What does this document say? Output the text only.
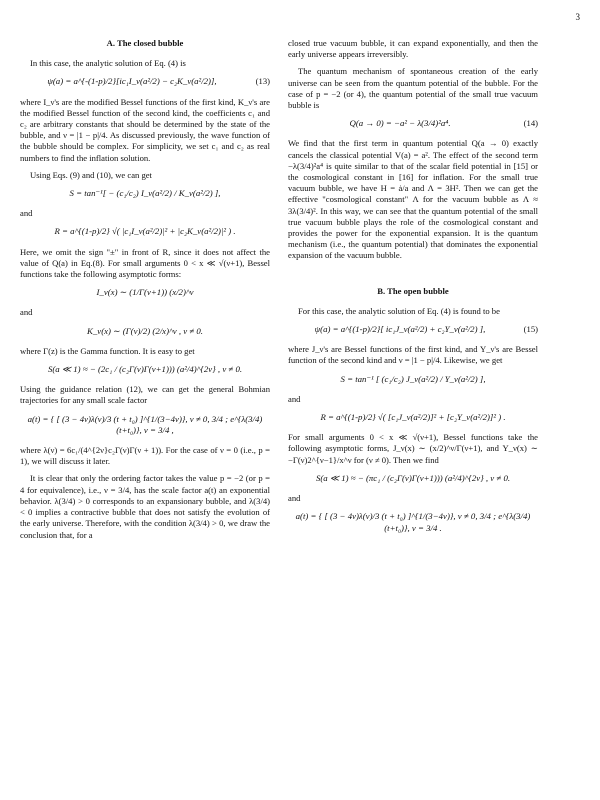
3
A. The closed bubble

In this case, the analytic solution of Eq. (4) is

ψ(a) = a^{-(1-p)/2}[ic₁I_ν(a²/2) − c₂K_ν(a²/2)],	(13)

where I_ν's are the modified Bessel functions of the first kind, K_ν's are the modified Bessel function of the second kind, the coefficients c₁ and c₂ are arbitrary constants that should be determined by the state of the bubble, and ν = |1 − p|/4. As discussed previously, the wave function of the bubble should be complex. For simplicity, we set c₁ and c₂ as real numbers to find the inflation solution.

Using Eqs. (9) and (10), we can get

S = tan⁻¹[ − (c₁/c₂) I_ν(a²/2) / K_ν(a²/2) ],

and

R = a^{(1-p)/2} √( |c₁I_ν(a²/2)|² + |c₂K_ν(a²/2)|² ) .

Here, we omit the sign "±" in front of R, since it does not affect the value of Q(a) in Eq.(8). For small arguments 0 < x ≪ √(ν+1), Bessel functions take the following asymptotic forms:

I_ν(x) ∼ (1/Γ(ν+1)) (x/2)^ν

and

K_ν(x) ∼ (Γ(ν)/2) (2/x)^ν , ν ≠ 0.

where Γ(z) is the Gamma function. It is easy to get

S(a ≪ 1) ≈ − (2c₁ / (c₂Γ(ν)Γ(ν+1))) (a²/4)^{2ν} , ν ≠ 0.

Using the guidance relation (12), we can get the general Bohmian trajectories for any small scale factor

a(t) = { [ (3 − 4ν)λ(ν)/3 (t + t₀) ]^{1/(3−4ν)}, ν ≠ 0, 3/4 ; e^{λ(3/4)(t+t₀)}, ν = 3/4 ,

where λ(ν) = 6c₁/(4^{2ν}c₂Γ(ν)Γ(ν + 1)). For the case of ν = 0 (i.e., p = 1), we will discuss it later.

It is clear that only the ordering factor takes the value p = −2 (or p = 4 for equivalence), i.e., ν = 3/4, has the scale factor a(t) an exponential behavior. λ(3/4) > 0 corresponds to an expansionary bubble, and λ(3/4) < 0 implies a contractive bubble that does not satisfy the evolution of the early universe. Therefore, with the condition λ(3/4) > 0, we draw the conclusion that, for a

closed true vacuum bubble, it can expand exponentially, and then the early universe appears irreversibly.

The quantum mechanism of spontaneous creation of the early universe can be seen from the quantum potential of the bubble. For the case of p = −2 (or 4), the quantum potential of the small true vacuum bubble is

Q(a → 0) = −a² − λ(3/4)²a⁴.	(14)

We find that the first term in quantum potential Q(a → 0) exactly cancels the classical potential V(a) = a². The effect of the second term −λ(3/4)²a⁴ is quite similar to that of the scalar field potential in [15] or the cosmological constant in [16] for inflation. For the small true vacuum bubble, we have H = ȧ/a and Λ = 3H². Then we can get the effective "cosmological constant" Λ for the vacuum bubble as Λ ≈ 3λ(3/4)². In this way, we can see that the quantum potential of the small true vacuum bubble plays the role of the cosmological constant and provides the power for the exponential expansion. It is the quantum mechanism (i.e., the quantum potential) that dominates the exponential expansion of the vacuum bubble.

B. The open bubble

For this case, the analytic solution of Eq. (4) is found to be

ψ(a) = a^{(1-p)/2}[ ic₁J_ν(a²/2) + c₂Y_ν(a²/2) ],	(15)

where J_ν's are Bessel functions of the first kind, and Y_ν's are Bessel function of the second kind and ν = |1 − p|/4. Likewise, we get

S = tan⁻¹ [ (c₁/c₂) J_ν(a²/2) / Y_ν(a²/2) ],

and

R = a^{(1-p)/2} √( [c₁J_ν(a²/2)]² + [c₂Y_ν(a²/2)]² ) .

For small arguments 0 < x ≪ √(ν+1), Bessel functions take the following asymptotic forms, J_ν(x) ∼ (x/2)^ν/Γ(ν+1), and Y_ν(x) ∼ −Γ(ν)2^{ν−1}/x^ν for (ν ≠ 0). Then we find

S(a ≪ 1) ≈ − (πc₁ / (c₂Γ(ν)Γ(ν+1))) (a²/4)^{2ν} , ν ≠ 0.

and

a(t) = { [ (3 − 4ν)λ(ν)/3 (t + t₀) ]^{1/(3−4ν)}, ν ≠ 0, 3/4 ; e^{λ(3/4)(t+t₀)}, ν = 3/4 .
